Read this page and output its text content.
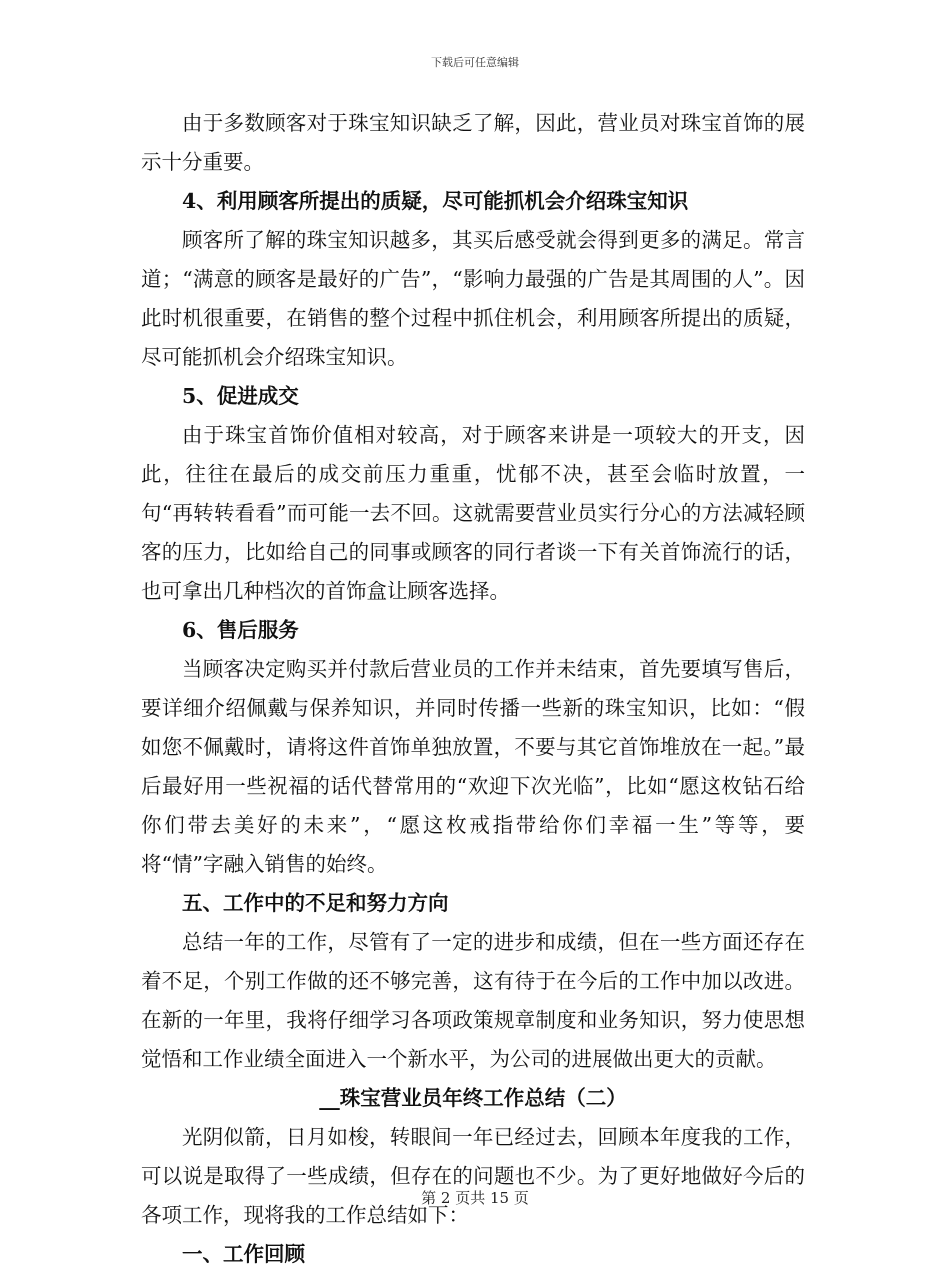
下载后可任意编辑

由于多数顾客对于珠宝知识缺乏了解，因此，营业员对珠宝首饰的展示十分重要。

4、利用顾客所提出的质疑，尽可能抓机会介绍珠宝知识

顾客所了解的珠宝知识越多，其买后感受就会得到更多的满足。常言道；“满意的顾客是最好的广告”，“影响力最强的广告是其周围的人”。因此时机很重要，在销售的整个过程中抓住机会，利用顾客所提出的质疑，尽可能抓机会介绍珠宝知识。

5、促进成交

由于珠宝首饰价值相对较高，对于顾客来讲是一项较大的开支，因此，往往在最后的成交前压力重重，忧郁不决，甚至会临时放置，一句“再转转看看”而可能一去不回。这就需要营业员实行分心的方法减轻顾客的压力，比如给自己的同事或顾客的同行者谈一下有关首饰流行的话，也可拿出几种档次的首饰盒让顾客选择。

6、售后服务

当顾客决定购买并付款后营业员的工作并未结束，首先要填写售后，要详细介绍佩戴与保养知识，并同时传播一些新的珠宝知识，比如：“假如您不佩戴时，请将这件首饰单独放置，不要与其它首饰堆放在一起。”最后最好用一些祝福的话代替常用的“欢迎下次光临”，比如“愿这枚钻石给你们带去美好的未来”，“愿这枚戒指带给你们幸福一生”等等，要将“情”字融入销售的始终。

五、工作中的不足和努力方向

总结一年的工作，尽管有了一定的进步和成绩，但在一些方面还存在着不足，个别工作做的还不够完善，这有待于在今后的工作中加以改进。在新的一年里，我将仔细学习各项政策规章制度和业务知识，努力使思想觉悟和工作业绩全面进入一个新水平，为公司的进展做出更大的贡献。

__珠宝营业员年终工作总结（二）

光阴似箭，日月如梭，转眼间一年已经过去，回顾本年度我的工作，可以说是取得了一些成绩，但存在的问题也不少。为了更好地做好今后的各项工作，现将我的工作总结如下：

一、工作回顾

第 2 页共 15 页
